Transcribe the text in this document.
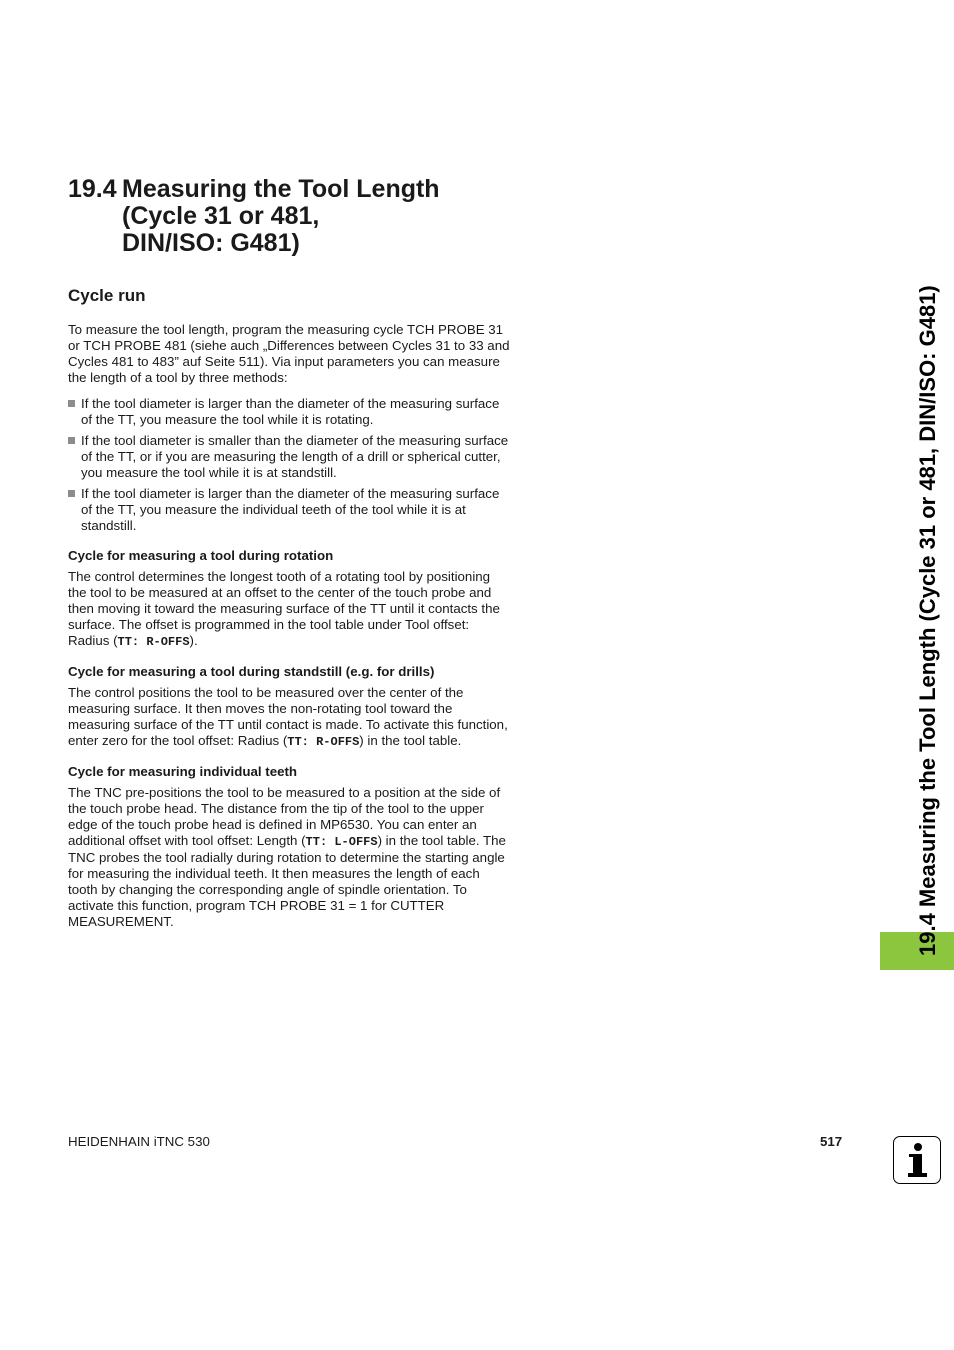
19.4 Measuring the Tool Length
(Cycle 31 or 481,
DIN/ISO: G481)
Cycle run

To measure the tool length, program the measuring cycle TCH PROBE 31 or TCH PROBE 481 (siehe auch „Differences between Cycles 31 to 33 and Cycles 481 to 483” auf Seite 511). Via input parameters you can measure the length of a tool by three methods:

If the tool diameter is larger than the diameter of the measuring surface of the TT, you measure the tool while it is rotating.
If the tool diameter is smaller than the diameter of the measuring surface of the TT, or if you are measuring the length of a drill or spherical cutter, you measure the tool while it is at standstill.
If the tool diameter is larger than the diameter of the measuring surface of the TT, you measure the individual teeth of the tool while it is at standstill.
Cycle for measuring a tool during rotation

The control determines the longest tooth of a rotating tool by positioning the tool to be measured at an offset to the center of the touch probe and then moving it toward the measuring surface of the TT until it contacts the surface. The offset is programmed in the tool table under Tool offset: Radius (TT: R-OFFS).

Cycle for measuring a tool during standstill (e.g. for drills)

The control positions the tool to be measured over the center of the measuring surface. It then moves the non-rotating tool toward the measuring surface of the TT until contact is made. To activate this function, enter zero for the tool offset: Radius (TT: R-OFFS) in the tool table.

Cycle for measuring individual teeth

The TNC pre-positions the tool to be measured to a position at the side of the touch probe head. The distance from the tip of the tool to the upper edge of the touch probe head is defined in MP6530. You can enter an additional offset with tool offset: Length (TT: L-OFFS) in the tool table. The TNC probes the tool radially during rotation to determine the starting angle for measuring the individual teeth. It then measures the length of each tooth by changing the corresponding angle of spindle orientation. To activate this function, program TCH PROBE 31 = 1 for CUTTER MEASUREMENT.	19.4 Measuring the Tool Length (Cycle 31 or 481, DIN/ISO: G481)
HEIDENHAIN iTNC 530	517
